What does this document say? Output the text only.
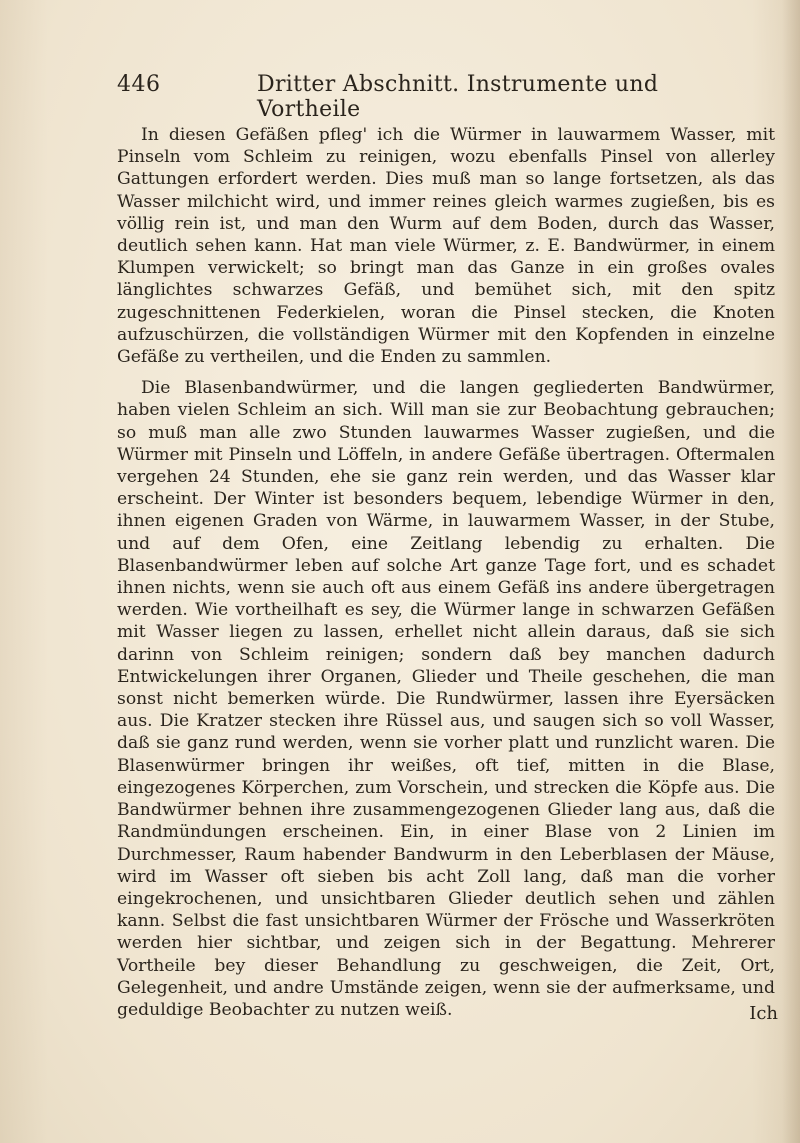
446	Dritter Abschnitt. Instrumente und Vortheile

In diesen Gefäßen pfleg' ich die Würmer in lauwarmem Wasser, mit Pinseln vom Schleim zu reinigen, wozu ebenfalls Pinsel von allerley Gattungen erfordert werden. Dies muß man so lange fortsetzen, als das Wasser milchicht wird, und immer reines gleich warmes zugießen, bis es völlig rein ist, und man den Wurm auf dem Boden, durch das Wasser, deutlich sehen kann. Hat man viele Würmer, z. E. Bandwürmer, in einem Klumpen verwickelt; so bringt man das Ganze in ein großes ovales länglichtes schwarzes Gefäß, und bemühet sich, mit den spitz zugeschnittenen Federkielen, woran die Pinsel stecken, die Knoten aufzuschürzen, die vollständigen Würmer mit den Kopfenden in einzelne Gefäße zu vertheilen, und die Enden zu sammlen.

Die Blasenbandwürmer, und die langen gegliederten Bandwürmer, haben vielen Schleim an sich. Will man sie zur Beobachtung gebrauchen; so muß man alle zwo Stunden lauwarmes Wasser zugießen, und die Würmer mit Pinseln und Löffeln, in andere Gefäße übertragen. Oftermalen vergehen 24 Stunden, ehe sie ganz rein werden, und das Wasser klar erscheint. Der Winter ist besonders bequem, lebendige Würmer in den, ihnen eigenen Graden von Wärme, in lauwarmem Wasser, in der Stube, und auf dem Ofen, eine Zeitlang lebendig zu erhalten. Die Blasenbandwürmer leben auf solche Art ganze Tage fort, und es schadet ihnen nichts, wenn sie auch oft aus einem Gefäß ins andere übergetragen werden. Wie vortheilhaft es sey, die Würmer lange in schwarzen Gefäßen mit Wasser liegen zu lassen, erhellet nicht allein daraus, daß sie sich darinn von Schleim reinigen; sondern daß bey manchen dadurch Entwickelungen ihrer Organen, Glieder und Theile geschehen, die man sonst nicht bemerken würde. Die Rundwürmer, lassen ihre Eyersäcken aus. Die Kratzer stecken ihre Rüssel aus, und saugen sich so voll Wasser, daß sie ganz rund werden, wenn sie vorher platt und runzlicht waren. Die Blasenwürmer bringen ihr weißes, oft tief, mitten in die Blase, eingezogenes Körperchen, zum Vorschein, und strecken die Köpfe aus. Die Bandwürmer behnen ihre zusammengezogenen Glieder lang aus, daß die Randmündungen erscheinen. Ein, in einer Blase von 2 Linien im Durchmesser, Raum habender Bandwurm in den Leberblasen der Mäuse, wird im Wasser oft sieben bis acht Zoll lang, daß man die vorher eingekrochenen, und unsichtbaren Glieder deutlich sehen und zählen kann. Selbst die fast unsichtbaren Würmer der Frösche und Wasserkröten werden hier sichtbar, und zeigen sich in der Begattung. Mehrerer Vortheile bey dieser Behandlung zu geschweigen, die Zeit, Ort, Gelegenheit, und andre Umstände zeigen, wenn sie der aufmerksame, und geduldige Beobachter zu nutzen weiß.	Ich
